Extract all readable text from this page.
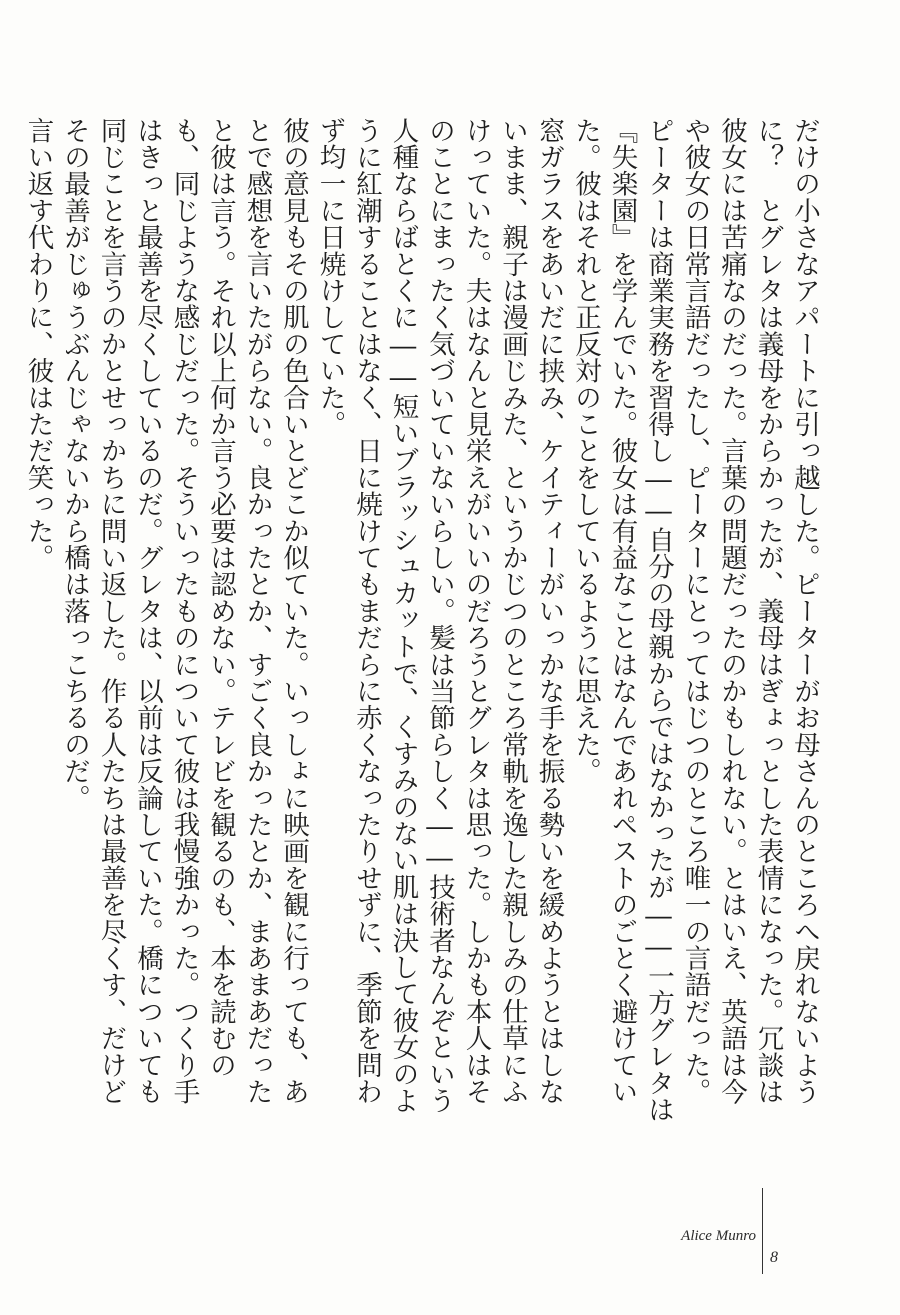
だけの小さなアパートに引っ越した。ピーターがお母さんのところへ戻れないように？　とグレタは義母をからかったが、義母はぎょっとした表情になった。冗談は彼女には苦痛なのだった。言葉の問題だったのかもしれない。とはいえ、英語は今や彼女の日常言語だったし、ピーターにとってはじつのところ唯一の言語だった。ピーターは商業実務を習得し――自分の母親からではなかったが――一方グレタは『失楽園』を学んでいた。彼女は有益なことはなんであれペストのごとく避けていた。彼はそれと正反対のことをしているように思えた。

窓ガラスをあいだに挟み、ケイティーがいっかな手を振る勢いを緩めようとはしないまま、親子は漫画じみた、というかじつのところ常軌を逸した親しみの仕草にふけっていた。夫はなんと見栄えがいいのだろうとグレタは思った。しかも本人はそのことにまったく気づいていないらしい。髪は当節らしく――技術者なんぞという人種ならばとくに――短いブラッシュカットで、くすみのない肌は決して彼女のように紅潮することはなく、日に焼けてもまだらに赤くなったりせずに、季節を問わず均一に日焼けしていた。

彼の意見もその肌の色合いとどこか似ていた。いっしょに映画を観に行っても、あとで感想を言いたがらない。良かったとか、すごく良かったとか、まあまあだったと彼は言う。それ以上何か言う必要は認めない。テレビを観るのも、本を読むのも、同じような感じだった。そういったものについて彼は我慢強かった。つくり手はきっと最善を尽くしているのだ。グレタは、以前は反論していた。橋についても同じことを言うのかとせっかちに問い返した。作る人たちは最善を尽くす、だけどその最善がじゅうぶんじゃないから橋は落っこちるのだ。

言い返す代わりに、彼はただ笑った。

Alice Munro
8
